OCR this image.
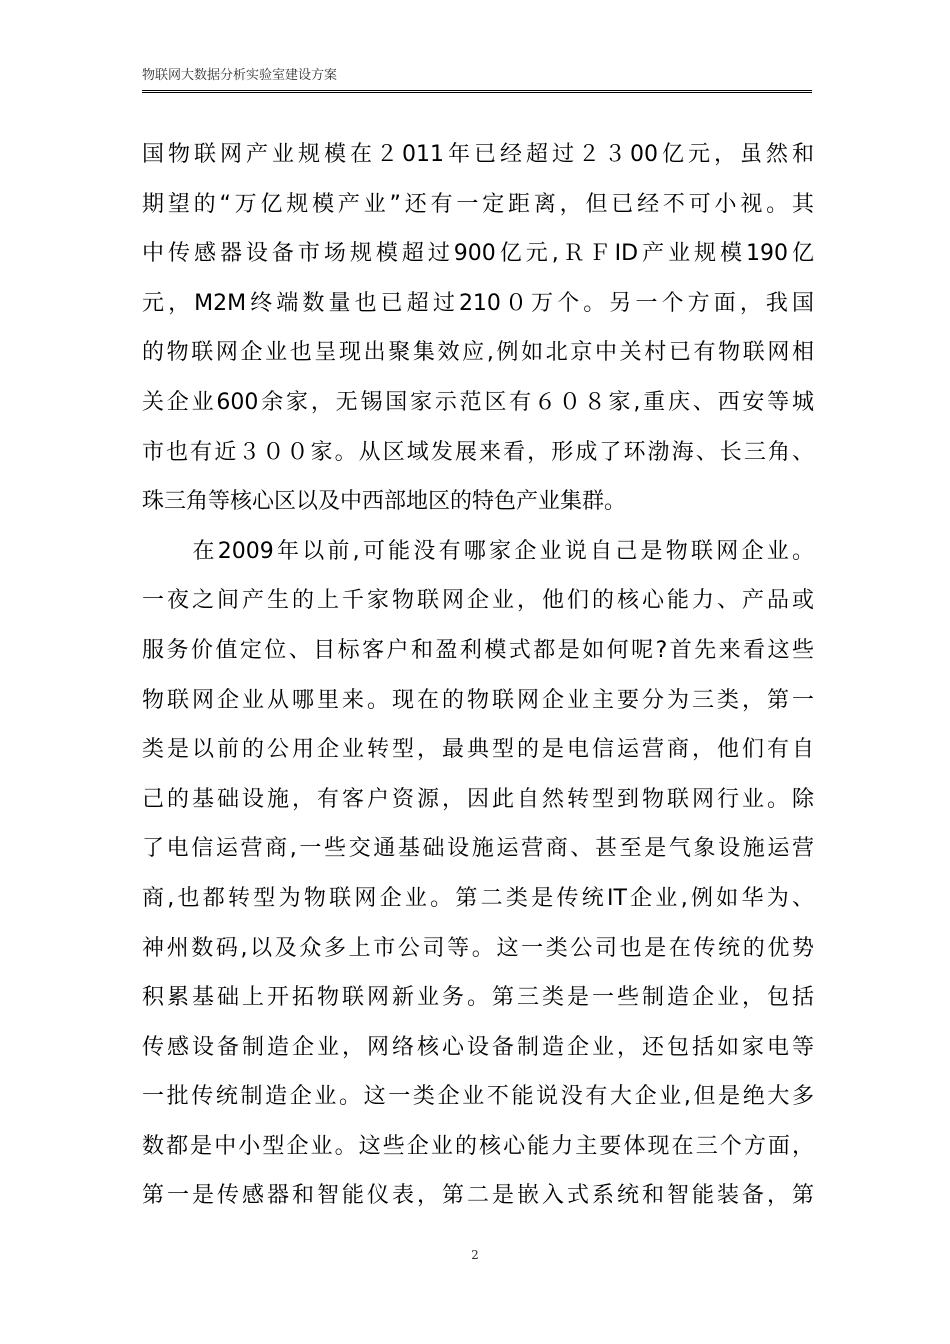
物联网大数据分析实验室建设方案
国物联网产业规模在２011年已经超过２３00亿元，虽然和
期望的“万亿规模产业”还有一定距离，但已经不可小视。其
中传感器设备市场规模超过900亿元,ＲＦID产业规模190亿
元，M2M终端数量也已超过210０万个。另一个方面，我国
的物联网企业也呈现出聚集效应,例如北京中关村已有物联网相
关企业600余家，无锡国家示范区有６０８家,重庆、西安等城
市也有近３００家。从区域发展来看，形成了环渤海、长三角、
珠三角等核心区以及中西部地区的特色产业集群。
　　在2009年以前,可能没有哪家企业说自己是物联网企业。
一夜之间产生的上千家物联网企业，他们的核心能力、产品或
服务价值定位、目标客户和盈利模式都是如何呢?首先来看这些
物联网企业从哪里来。现在的物联网企业主要分为三类，第一
类是以前的公用企业转型，最典型的是电信运营商，他们有自
己的基础设施，有客户资源，因此自然转型到物联网行业。除
了电信运营商,一些交通基础设施运营商、甚至是气象设施运营
商,也都转型为物联网企业。第二类是传统IT企业,例如华为、
神州数码,以及众多上市公司等。这一类公司也是在传统的优势
积累基础上开拓物联网新业务。第三类是一些制造企业，包括
传感设备制造企业，网络核心设备制造企业，还包括如家电等
一批传统制造企业。这一类企业不能说没有大企业,但是绝大多
数都是中小型企业。这些企业的核心能力主要体现在三个方面，
第一是传感器和智能仪表，第二是嵌入式系统和智能装备，第
2
